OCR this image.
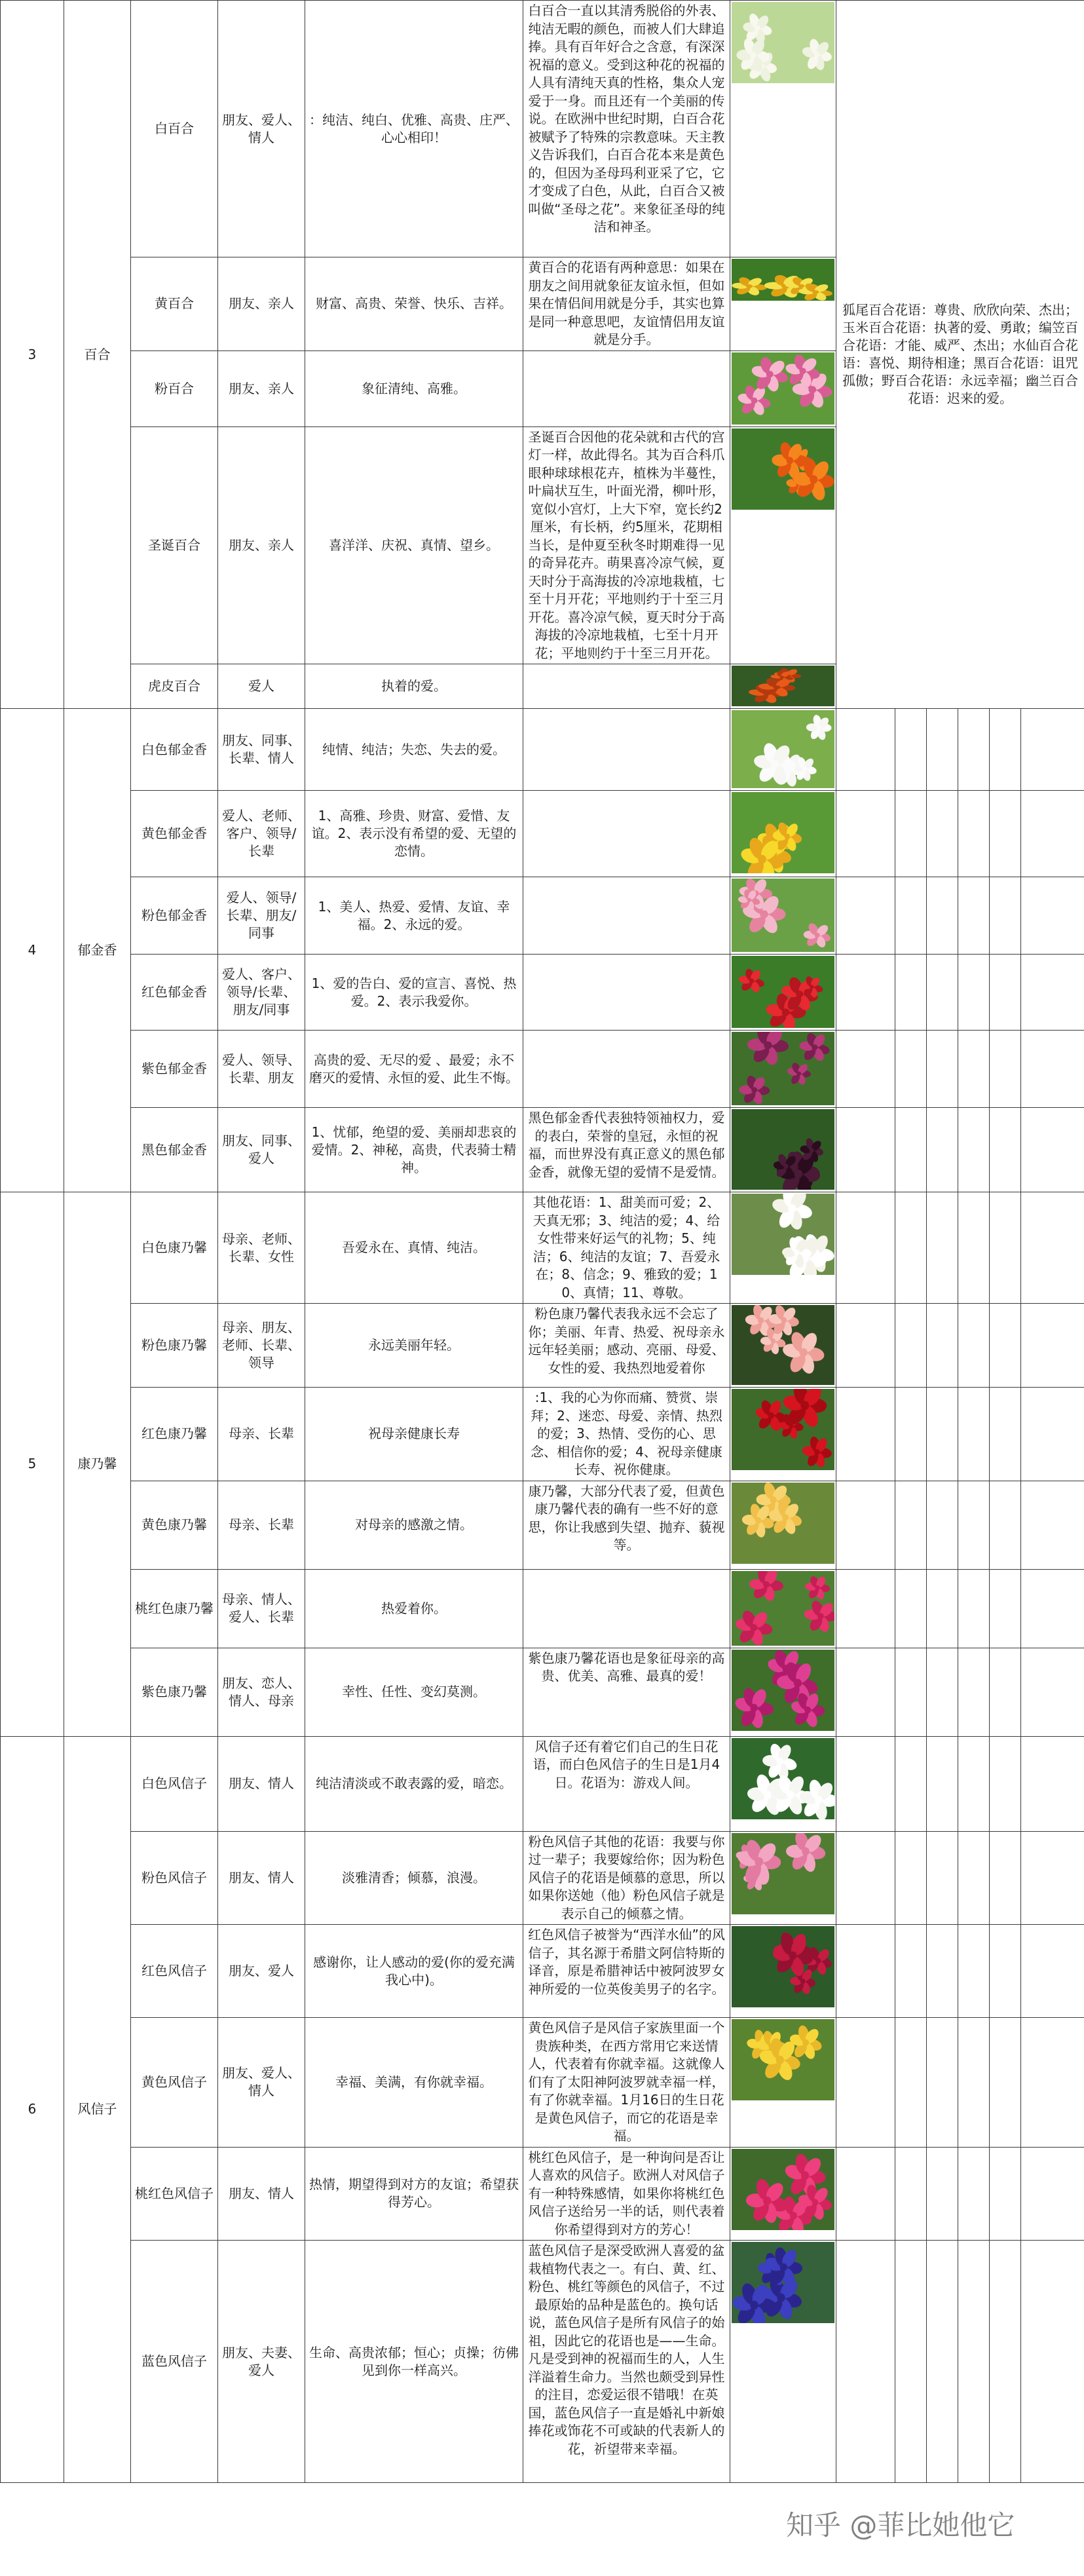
3	百合	白百合	朋友、爱人、情人	：纯洁、纯白、优雅、高贵、庄严、心心相印！	白百合一直以其清秀脱俗的外表、纯洁无暇的颜色，而被人们大肆追捧。具有百年好合之含意，有深深祝福的意义。受到这种花的祝福的人具有清纯天真的性格，集众人宠爱于一身。而且还有一个美丽的传说。在欧洲中世纪时期，白百合花被赋予了特殊的宗教意味。天主教义告诉我们，白百合花本来是黄色的，但因为圣母玛利亚采了它，它才变成了白色，从此，白百合又被叫做“圣母之花”。来象征圣母的纯洁和神圣。		狐尾百合花语：尊贵、欣欣向荣、杰出；玉米百合花语：执著的爱、勇敢；编笠百合花语：才能、威严、杰出；水仙百合花语：喜悦、期待相逢；黑百合花语：诅咒 孤傲；野百合花语：永远幸福；幽兰百合花语：迟来的爱。					
		黄百合	朋友、亲人	财富、高贵、荣誉、快乐、吉祥。	黄百合的花语有两种意思：如果在朋友之间用就象征友谊永恒，但如果在情侣间用就是分手，其实也算是同一种意思吧，友谊情侣用友谊就是分手。	

		粉百合	朋友、亲人	象征清纯、高雅。		

		圣诞百合	朋友、亲人	喜洋洋、庆祝、真情、望乡。	圣诞百合因他的花朵就和古代的宫灯一样，故此得名。其为百合科爪眼种球球根花卉，植株为半蔓性，叶扁状互生，叶面光滑，柳叶形，宽似小宫灯，上大下窄，宽长约2厘米，有长柄，约5厘米，花期相当长，是仲夏至秋冬时期难得一见的奇异花卉。萌果喜冷凉气候，夏天时分于高海拔的冷凉地栽植，七至十月开花；平地则约于十至三月开花。喜冷凉气候，夏天时分于高海拔的冷凉地栽植，七至十月开花；平地则约于十至三月开花。	

		虎皮百合	爱人	执着的爱。		

4	郁金香	白色郁金香	朋友、同事、长辈、情人	纯情、纯洁；失恋、失去的爱。		

		黄色郁金香	爱人、老师、客户、领导/长辈	1、高雅、珍贵、财富、爱惜、友谊。2、表示没有希望的爱、无望的恋情。		

		粉色郁金香	爱人、领导/长辈、朋友/同事	1、美人、热爱、爱情、友谊、幸福。2、永远的爱。		

		红色郁金香	爱人、客户、领导/长辈、朋友/同事	1、爱的告白、爱的宣言、喜悦、热爱。2、表示我爱你。		

		紫色郁金香	爱人、领导、长辈、朋友	高贵的爱、无尽的爱 、最爱；永不磨灭的爱情、永恒的爱、此生不悔。		

		黑色郁金香	朋友、同事、爱人	1、忧郁，绝望的爱、美丽却悲哀的爱情。2、神秘，高贵，代表骑士精神。	黑色郁金香代表独特领袖权力，爱的表白，荣誉的皇冠，永恒的祝福，而世界没有真正意义的黑色郁金香，就像无望的爱情不是爱情。	

5	康乃馨	白色康乃馨	母亲、老师、长辈、女性	吾爱永在、真情、纯洁。	其他花语：1、甜美而可爱；2、天真无邪；3、纯洁的爱；4、给女性带来好运气的礼物；5、纯洁；6、纯洁的友谊；7、吾爱永在；8、信念；9、雅致的爱；10、真情；11、尊敬。	

		粉色康乃馨	母亲、朋友、老师、长辈、领导	永远美丽年轻。	粉色康乃馨代表我永远不会忘了你；美丽、年青、热爱、祝母亲永远年轻美丽；感动、亮丽、母爱、女性的爱、我热烈地爱着你	

		红色康乃馨	母亲、长辈	祝母亲健康长寿	:1、我的心为你而痛、赞赏、崇拜；2、迷恋、母爱、亲情、热烈的爱；3、热情、受伤的心、思念、相信你的爱；4、祝母亲健康长寿、祝你健康。	

		黄色康乃馨	母亲、长辈	对母亲的感激之情。	康乃馨，大部分代表了爱，但黄色康乃馨代表的确有一些不好的意思，你让我感到失望、抛弃、藐视等。	

		桃红色康乃馨	母亲、情人、爱人、长辈	热爱着你。		

		紫色康乃馨	朋友、恋人、情人、母亲	幸性、任性、变幻莫测。	紫色康乃馨花语也是象征母亲的高贵、优美、高雅、最真的爱！	

6	风信子	白色风信子	朋友、情人	纯洁清淡或不敢表露的爱，暗恋。	风信子还有着它们自己的生日花语，而白色风信子的生日是1月4日。花语为：游戏人间。	

		粉色风信子	朋友、情人	淡雅清香；倾慕，浪漫。	粉色风信子其他的花语：我要与你过一辈子；我要嫁给你；因为粉色风信子的花语是倾慕的意思，所以如果你送她（他）粉色风信子就是表示自己的倾慕之情。	

		红色风信子	朋友、爱人	感谢你，让人感动的爱(你的爱充满我心中)。	红色风信子被誉为“西洋水仙”的风信子，其名源于希腊文阿信特斯的译音，原是希腊神话中被阿波罗女神所爱的一位英俊美男子的名字。	

		黄色风信子	朋友、爱人、情人	幸福、美满，有你就幸福。	黄色风信子是风信子家族里面一个贵族种类，在西方常用它来送情人，代表着有你就幸福。这就像人们有了太阳神阿波罗就幸福一样，有了你就幸福。1月16日的生日花是黄色风信子，而它的花语是幸福。	

		桃红色风信子	朋友、情人	热情，期望得到对方的友谊；希望获得芳心。	桃红色风信子，是一种询问是否让人喜欢的风信子。欧洲人对风信子有一种特殊感情，如果你将桃红色风信子送给另一半的话，则代表着你希望得到对方的芳心！	

		蓝色风信子	朋友、夫妻、爱人	生命、高贵浓郁；恒心；贞操；彷佛见到你一样高兴。	蓝色风信子是深受欧洲人喜爱的盆栽植物代表之一。有白、黄、红、粉色、桃红等颜色的风信子，不过最原始的品种是蓝色的。换句话说，蓝色风信子是所有风信子的始祖，因此它的花语也是——生命。凡是受到神的祝福而生的人，人生洋溢着生命力。当然也颇受到异性的注目，恋爱运很不错哦！在英国，蓝色风信子一直是婚礼中新娘捧花或饰花不可或缺的代表新人的花，祈望带来幸福。	

知乎 @菲比她他它
